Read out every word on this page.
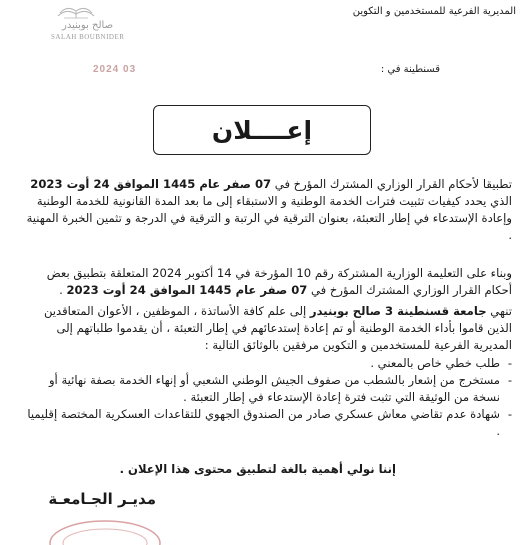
صالح بوبنيدر
SALAH BOUBNIDER
المديرية الفرعية للمستخدمين و التكوين
قسنطينة في :
2024 03
إعــــلان

تطبيقا لأحكام القرار الوزاري المشترك المؤرخ في 07 صفر عام 1445 الموافق 24 أوت 2023 الذي يحدد كيفيات تثبيت فترات الخدمة الوطنية و الاستبقاء إلى ما بعد المدة القانونية للخدمة الوطنية وإعادة الإستدعاء في إطار التعبئة، بعنوان الترقية في الرتبة و الترقية في الدرجة و تثمين الخبرة المهنية .

وبناء على التعليمة الوزارية المشتركة رقم 10 المؤرخة في 14 أكتوبر 2024 المتعلقة بتطبيق بعض أحكام القرار الوزاري المشترك المؤرخ في 07 صفر عام 1445 الموافق 24 أوت 2023 .

تنهي جامعة قسنطينة 3 صالح بوبنيدر إلى علم كافة الأساتذة ، الموظفين ، الأعوان المتعاقدين الذين قاموا بأداء الخدمة الوطنية أو تم إعادة إستدعائهم في إطار التعبئة ، أن يقدموا طلباتهم إلى المديرية الفرعية للمستخدمين و التكوين مرفقين بالوثائق التالية :

- طلب خطي خاص بالمعني .
- مستخرج من إشعار بالشطب من صفوف الجيش الوطني الشعبي أو إنهاء الخدمة بصفة نهائية أو نسخة من الوثيقة التي تثبت فترة إعادة الإستدعاء في إطار التعبئة .
- شهادة عدم تقاضي معاش عسكري صادر من الصندوق الجهوي للتقاعدات العسكرية المختصة إقليميا .
إننا نولي أهمية بالغة لتطبيق محتوى هذا الإعلان .
مديـر الجـامعـة
